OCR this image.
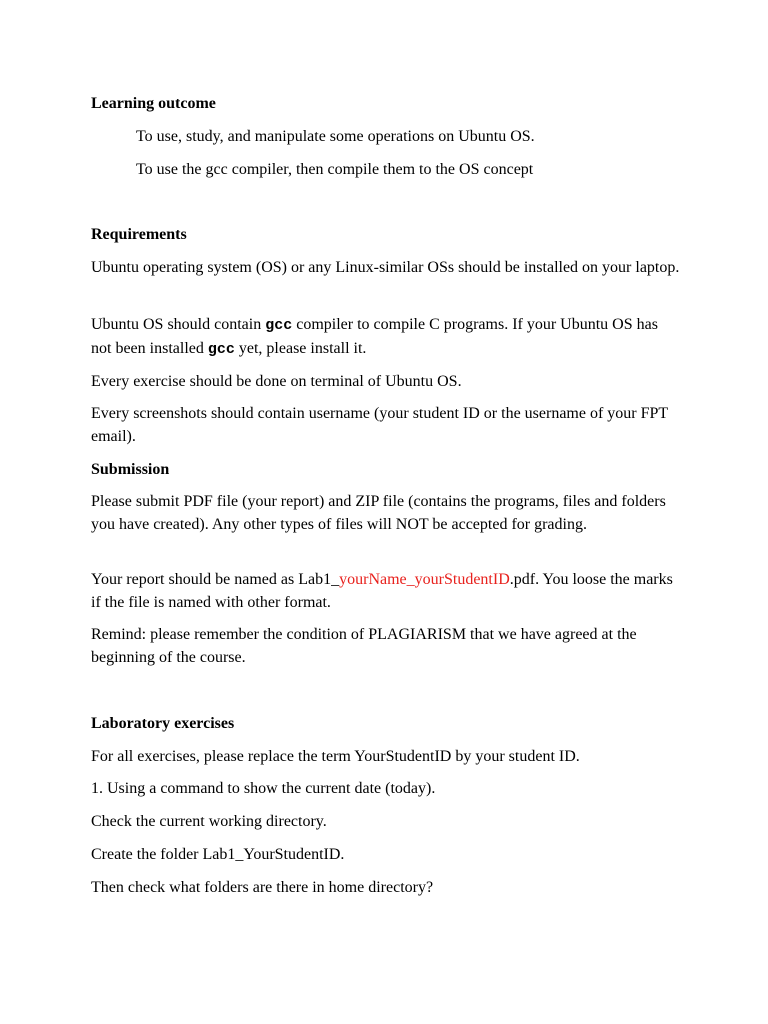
Learning outcome

To use, study, and manipulate some operations on Ubuntu OS.

To use the gcc compiler, then compile them to the OS concept

Requirements

Ubuntu operating system (OS) or any Linux-similar OSs should be installed on your laptop.

Ubuntu OS should contain gcc compiler to compile C programs. If your Ubuntu OS has not been installed gcc yet, please install it.

Every exercise should be done on terminal of Ubuntu OS.

Every screenshots should contain username (your student ID or the username of your FPT email).

Submission

Please submit PDF file (your report) and ZIP file (contains the programs, files and folders you have created). Any other types of files will NOT be accepted for grading.

Your report should be named as Lab1_yourName_yourStudentID.pdf. You loose the marks if the file is named with other format.

Remind: please remember the condition of PLAGIARISM that we have agreed at the beginning of the course.

Laboratory exercises

For all exercises, please replace the term YourStudentID by your student ID.

1. Using a command to show the current date (today).

Check the current working directory.

Create the folder Lab1_YourStudentID.

Then check what folders are there in home directory?
